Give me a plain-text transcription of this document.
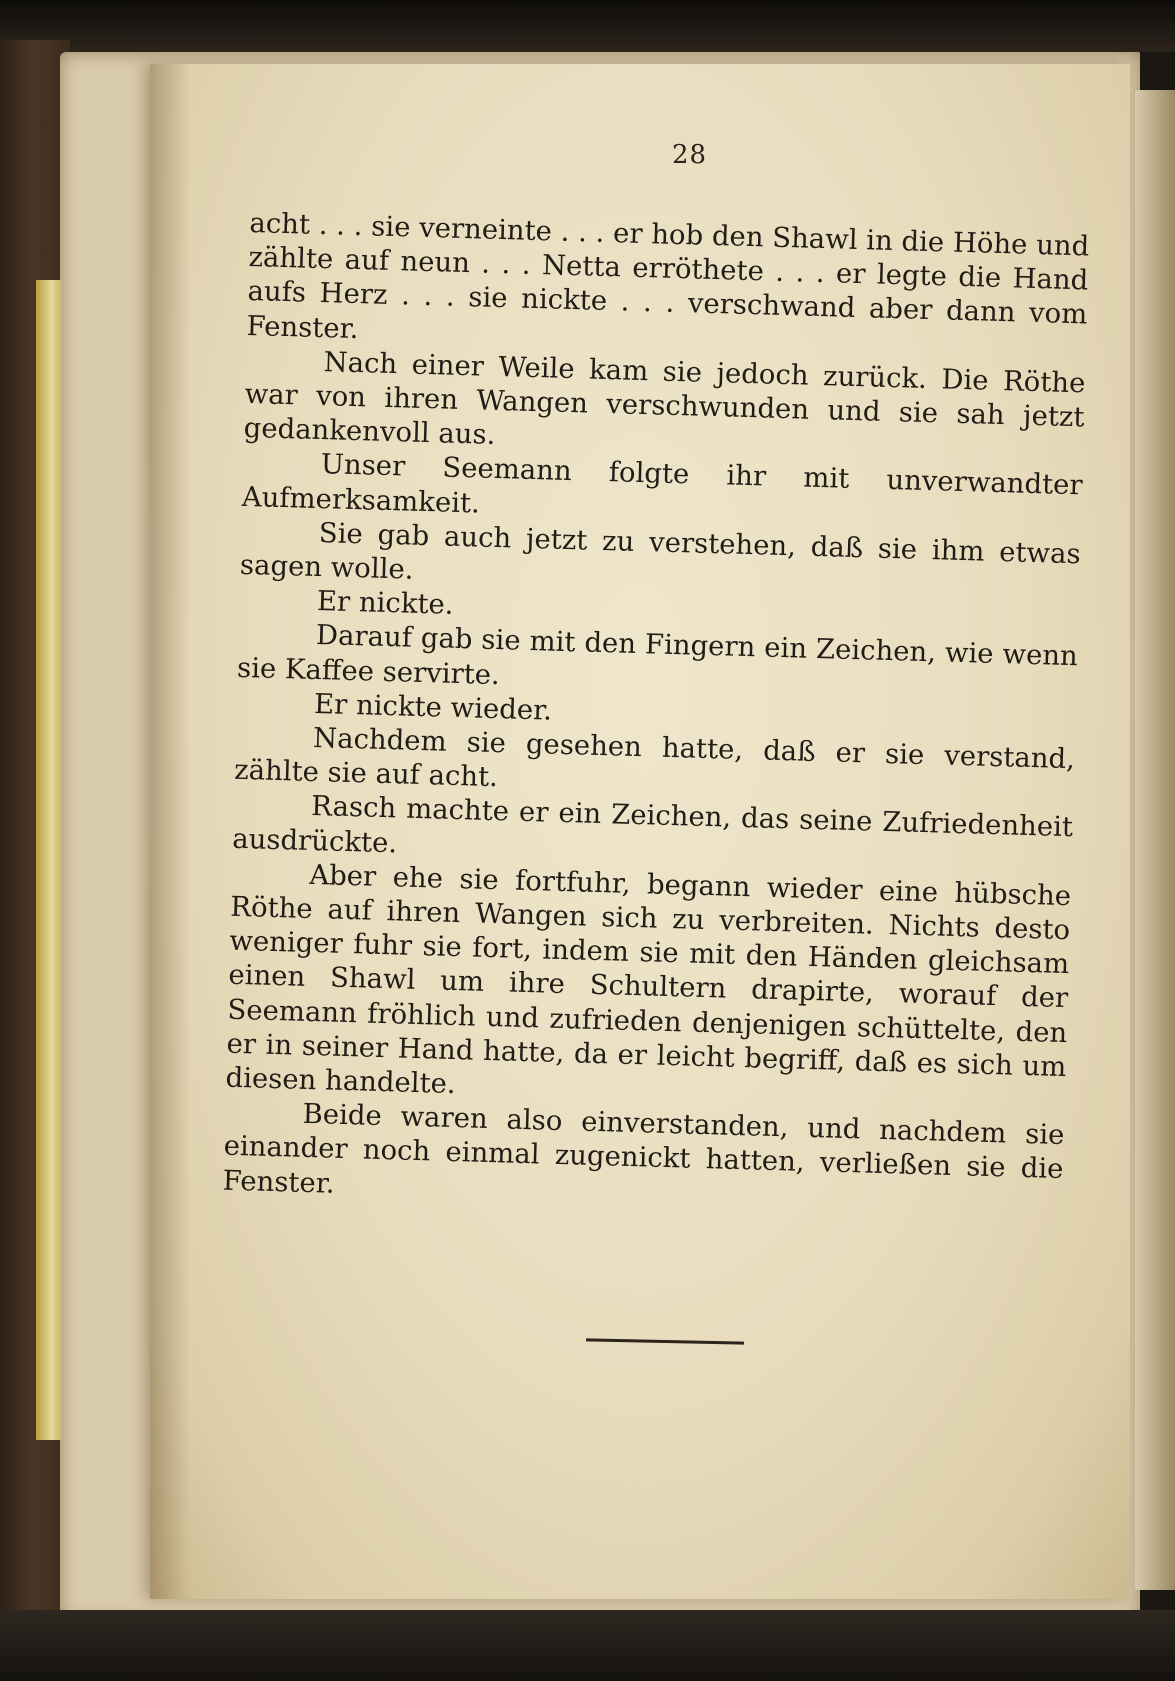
28

acht . . . sie verneinte . . . er hob den Shawl in die Höhe und zählte auf neun . . . Netta erröthete . . . er legte die Hand aufs Herz . . . sie nickte . . . verschwand aber dann vom Fenster.

Nach einer Weile kam sie jedoch zurück. Die Röthe war von ihren Wangen verschwunden und sie sah jetzt gedankenvoll aus.

Unser Seemann folgte ihr mit unverwandter Aufmerksamkeit.

Sie gab auch jetzt zu verstehen, daß sie ihm etwas sagen wolle.

Er nickte.

Darauf gab sie mit den Fingern ein Zeichen, wie wenn sie Kaffee servirte.

Er nickte wieder.

Nachdem sie gesehen hatte, daß er sie verstand, zählte sie auf acht.

Rasch machte er ein Zeichen, das seine Zufriedenheit ausdrückte.

Aber ehe sie fortfuhr, begann wieder eine hübsche Röthe auf ihren Wangen sich zu verbreiten. Nichts desto weniger fuhr sie fort, indem sie mit den Händen gleichsam einen Shawl um ihre Schultern drapirte, worauf der Seemann fröhlich und zufrieden denjenigen schüttelte, den er in seiner Hand hatte, da er leicht begriff, daß es sich um diesen handelte.

Beide waren also einverstanden, und nachdem sie einander noch einmal zugenickt hatten, verließen sie die Fenster.
